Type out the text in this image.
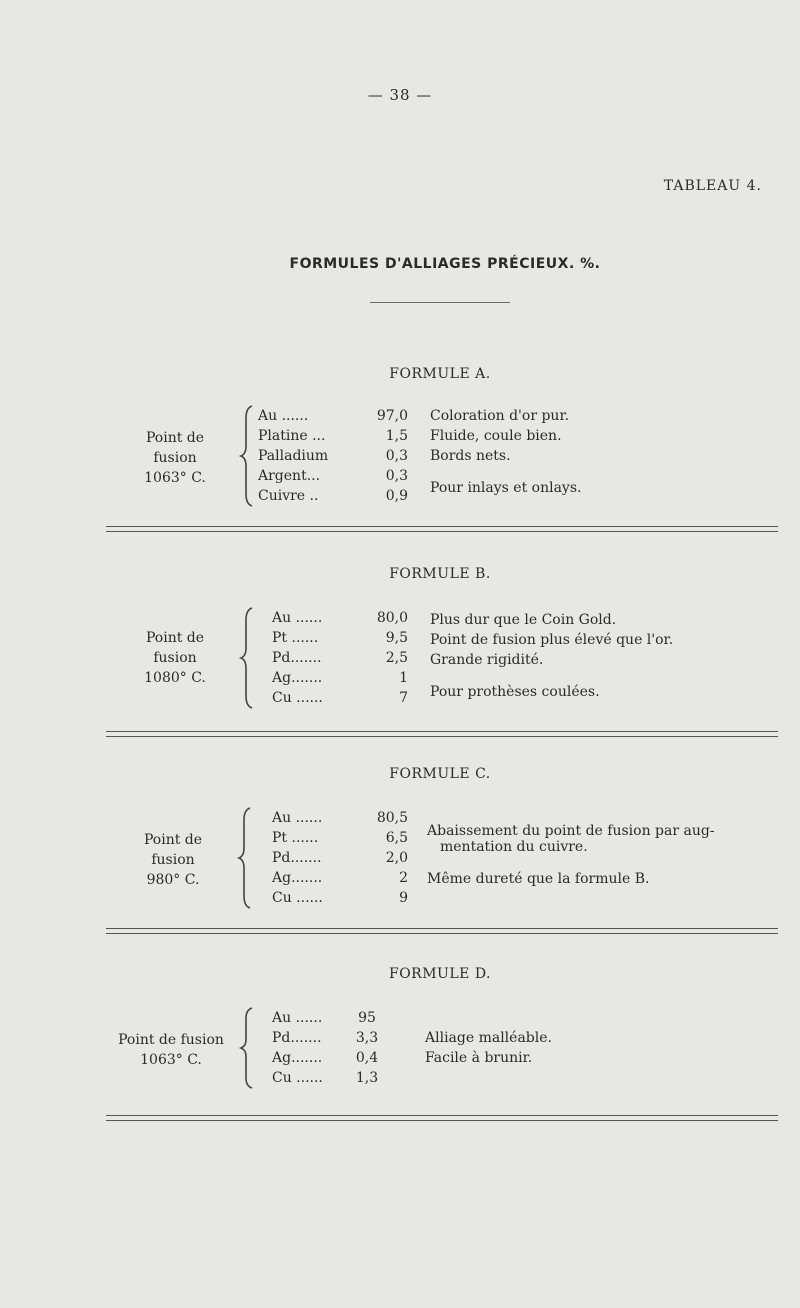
— 38 —
TABLEAU 4.
FORMULES D'ALLIAGES PRÉCIEUX. %.
FORMULE A.
Point de
fusion
1063° C.
Au ......	97,0
Platine ...	1,5
Palladium	0,3
Argent...	0,3
Cuivre ..	0,9
Coloration d'or pur.
Fluide, coule bien.
Bords nets.
Pour inlays et onlays.
FORMULE B.
Point de
fusion
1080° C.
Au ......	80,0
Pt ......	9,5
Pd.......	2,5
Ag.......	1
Cu ......	7
Plus dur que le Coin Gold.
Point de fusion plus élevé que l'or.
Grande rigidité.
Pour prothèses coulées.
FORMULE C.
Point de
fusion
980° C.
Au ......	80,5
Pt ......	6,5
Pd.......	2,0
Ag.......	2
Cu ......	9
Abaissement du point de fusion par aug-
mentation du cuivre.
Même dureté que la formule B.
FORMULE D.
Point de fusion
1063° C.
Au ......	95
Pd.......	3,3
Ag.......	0,4
Cu ......	1,3
Alliage malléable.
Facile à brunir.
